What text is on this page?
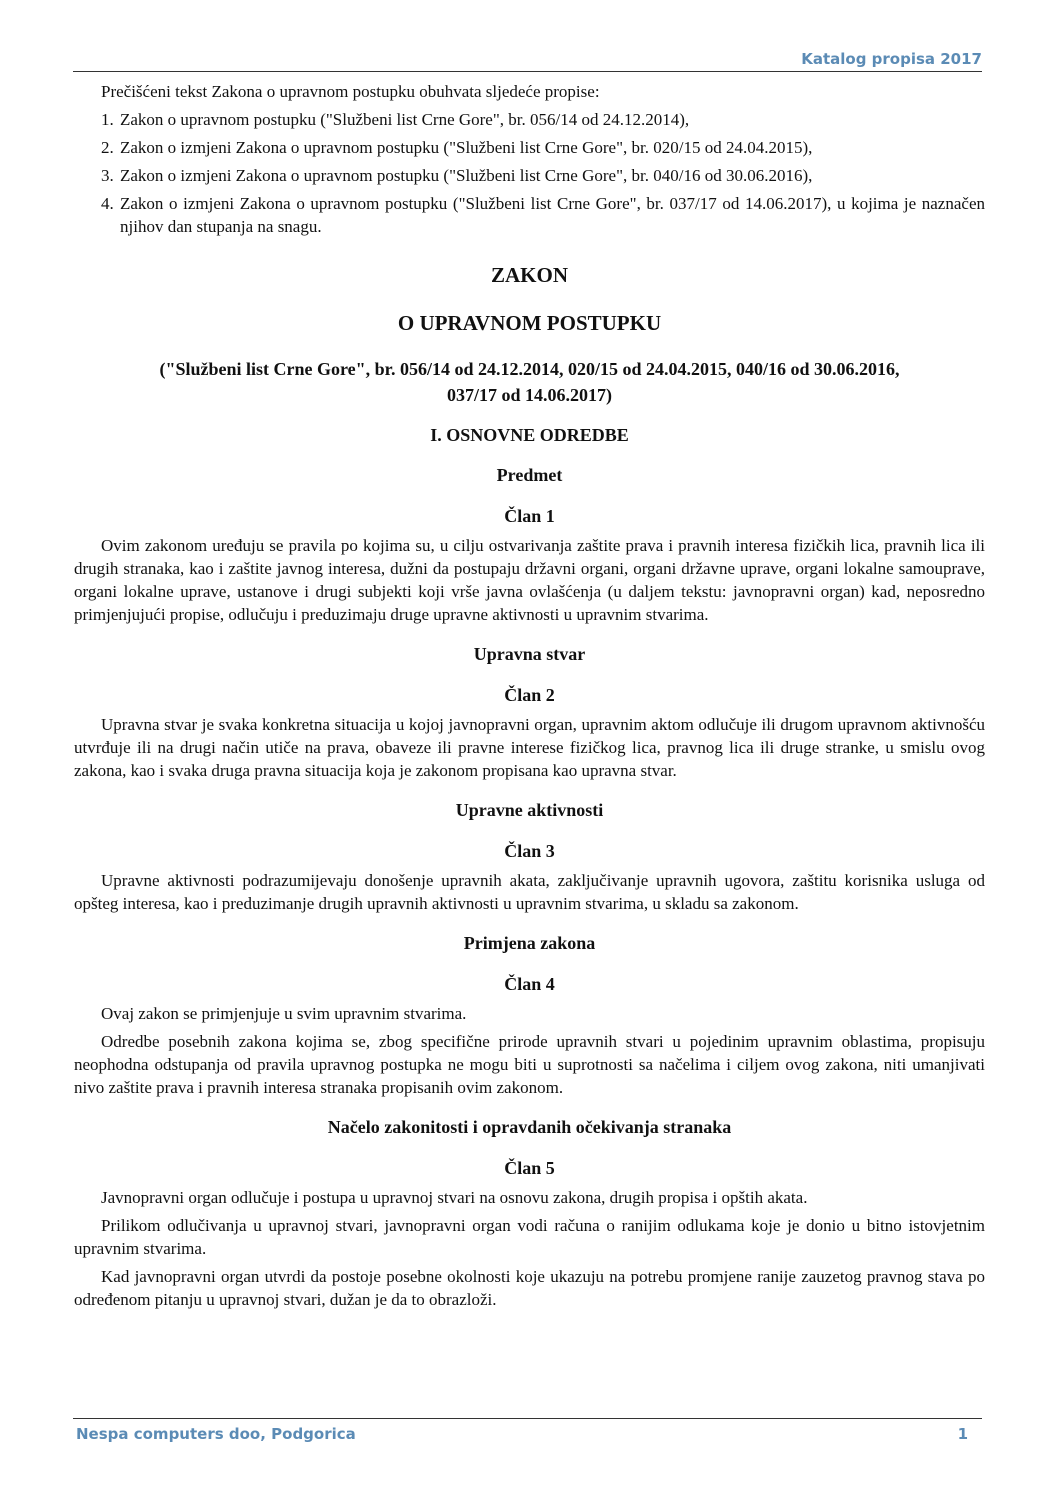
Katalog propisa 2017

Prečišćeni tekst Zakona o upravnom postupku obuhvata sljedeće propise:

1. Zakon o upravnom postupku ("Službeni list Crne Gore", br. 056/14 od 24.12.2014),
2. Zakon o izmjeni Zakona o upravnom postupku ("Službeni list Crne Gore", br. 020/15 od 24.04.2015),
3. Zakon o izmjeni Zakona o upravnom postupku ("Službeni list Crne Gore", br. 040/16 od 30.06.2016),
4. Zakon o izmjeni Zakona o upravnom postupku ("Službeni list Crne Gore", br. 037/17 od 14.06.2017), u kojima je naznačen njihov dan stupanja na snagu.

ZAKON

O UPRAVNOM POSTUPKU

("Službeni list Crne Gore", br. 056/14 od 24.12.2014, 020/15 od 24.04.2015, 040/16 od 30.06.2016,
037/17 od 14.06.2017)

I. OSNOVNE ODREDBE

Predmet

Član 1

Ovim zakonom uređuju se pravila po kojima su, u cilju ostvarivanja zaštite prava i pravnih interesa fizičkih lica, pravnih lica ili drugih stranaka, kao i zaštite javnog interesa, dužni da postupaju državni organi, organi državne uprave, organi lokalne samouprave, organi lokalne uprave, ustanove i drugi subjekti koji vrše javna ovlašćenja (u daljem tekstu: javnopravni organ) kad, neposredno primjenjujući propise, odlučuju i preduzimaju druge upravne aktivnosti u upravnim stvarima.

Upravna stvar

Član 2

Upravna stvar je svaka konkretna situacija u kojoj javnopravni organ, upravnim aktom odlučuje ili drugom upravnom aktivnošću utvrđuje ili na drugi način utiče na prava, obaveze ili pravne interese fizičkog lica, pravnog lica ili druge stranke, u smislu ovog zakona, kao i svaka druga pravna situacija koja je zakonom propisana kao upravna stvar.

Upravne aktivnosti

Član 3

Upravne aktivnosti podrazumijevaju donošenje upravnih akata, zaključivanje upravnih ugovora, zaštitu korisnika usluga od opšteg interesa, kao i preduzimanje drugih upravnih aktivnosti u upravnim stvarima, u skladu sa zakonom.

Primjena zakona

Član 4

Ovaj zakon se primjenjuje u svim upravnim stvarima.

Odredbe posebnih zakona kojima se, zbog specifične prirode upravnih stvari u pojedinim upravnim oblastima, propisuju neophodna odstupanja od pravila upravnog postupka ne mogu biti u suprotnosti sa načelima i ciljem ovog zakona, niti umanjivati nivo zaštite prava i pravnih interesa stranaka propisanih ovim zakonom.

Načelo zakonitosti i opravdanih očekivanja stranaka

Član 5

Javnopravni organ odlučuje i postupa u upravnoj stvari na osnovu zakona, drugih propisa i opštih akata.

Prilikom odlučivanja u upravnoj stvari, javnopravni organ vodi računa o ranijim odlukama koje je donio u bitno istovjetnim upravnim stvarima.

Kad javnopravni organ utvrdi da postoje posebne okolnosti koje ukazuju na potrebu promjene ranije zauzetog pravnog stava po određenom pitanju u upravnoj stvari, dužan je da to obrazloži.

Nespa computers doo, Podgorica	1
